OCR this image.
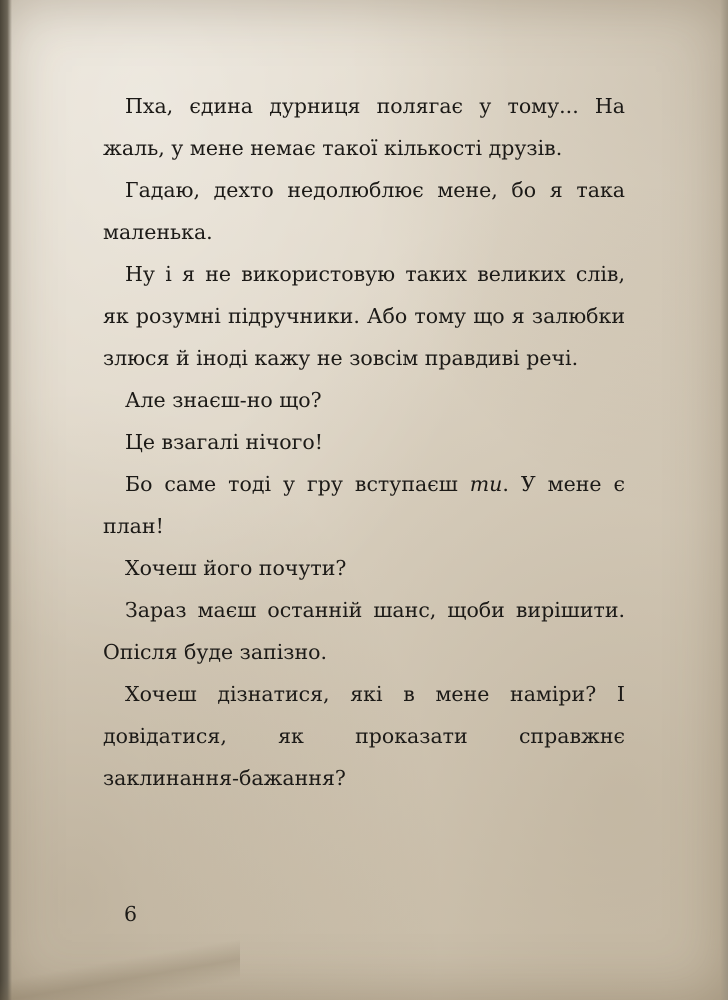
Пха, єдина дурниця полягає у тому... На жаль, у мене немає такої кількості друзів.

Гадаю, дехто недолюблює мене, бо я така маленька.

Ну і я не використовую таких великих слів, як розумні підручники. Або тому що я залюбки злюся й іноді кажу не зовсім правдиві речі.

Але знаєш-но що?

Це взагалі нічого!

Бо саме тоді у гру вступаєш ти. У мене є план!

Хочеш його почути?

Зараз маєш останній шанс, щоби вирішити. Опісля буде запізно.

Хочеш дізнатися, які в мене наміри? І довідатися, як проказати справжнє заклинання-бажання?

6
